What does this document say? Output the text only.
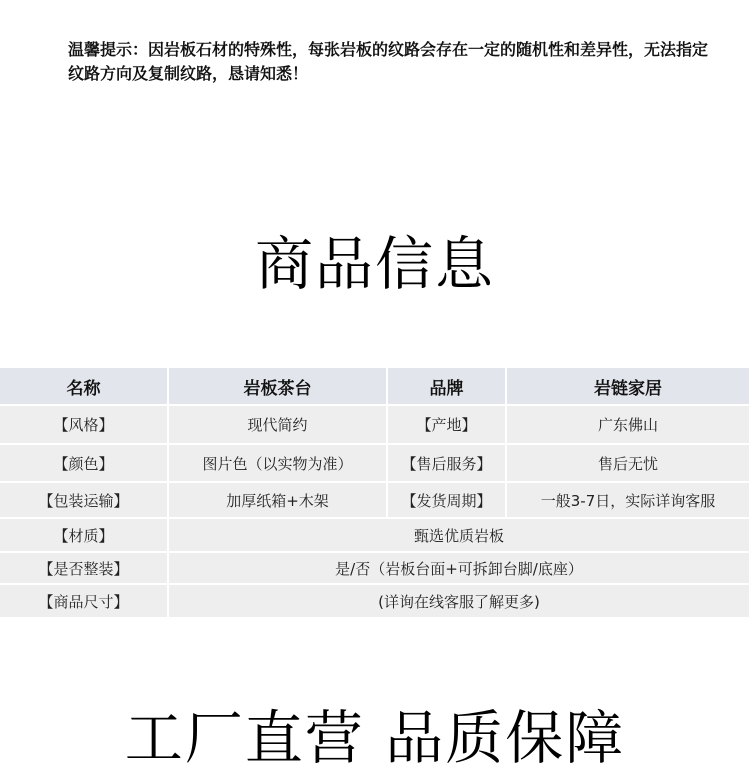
温馨提示：因岩板石材的特殊性，每张岩板的纹路会存在一定的随机性和差异性，无法指定纹路方向及复制纹路，恳请知悉！
商品信息
名称	岩板茶台	品牌	岩链家居
【风格】	现代简约	【产地】	广东佛山
【颜色】	图片色（以实物为准）	【售后服务】	售后无忧
【包装运输】	加厚纸箱+木架	【发货周期】	一般3-7日，实际详询客服
【材质】	甄选优质岩板		
【是否整装】	是/否（岩板台面+可拆卸台脚/底座）		
【商品尺寸】	(详询在线客服了解更多)		
工厂直营 品质保障
